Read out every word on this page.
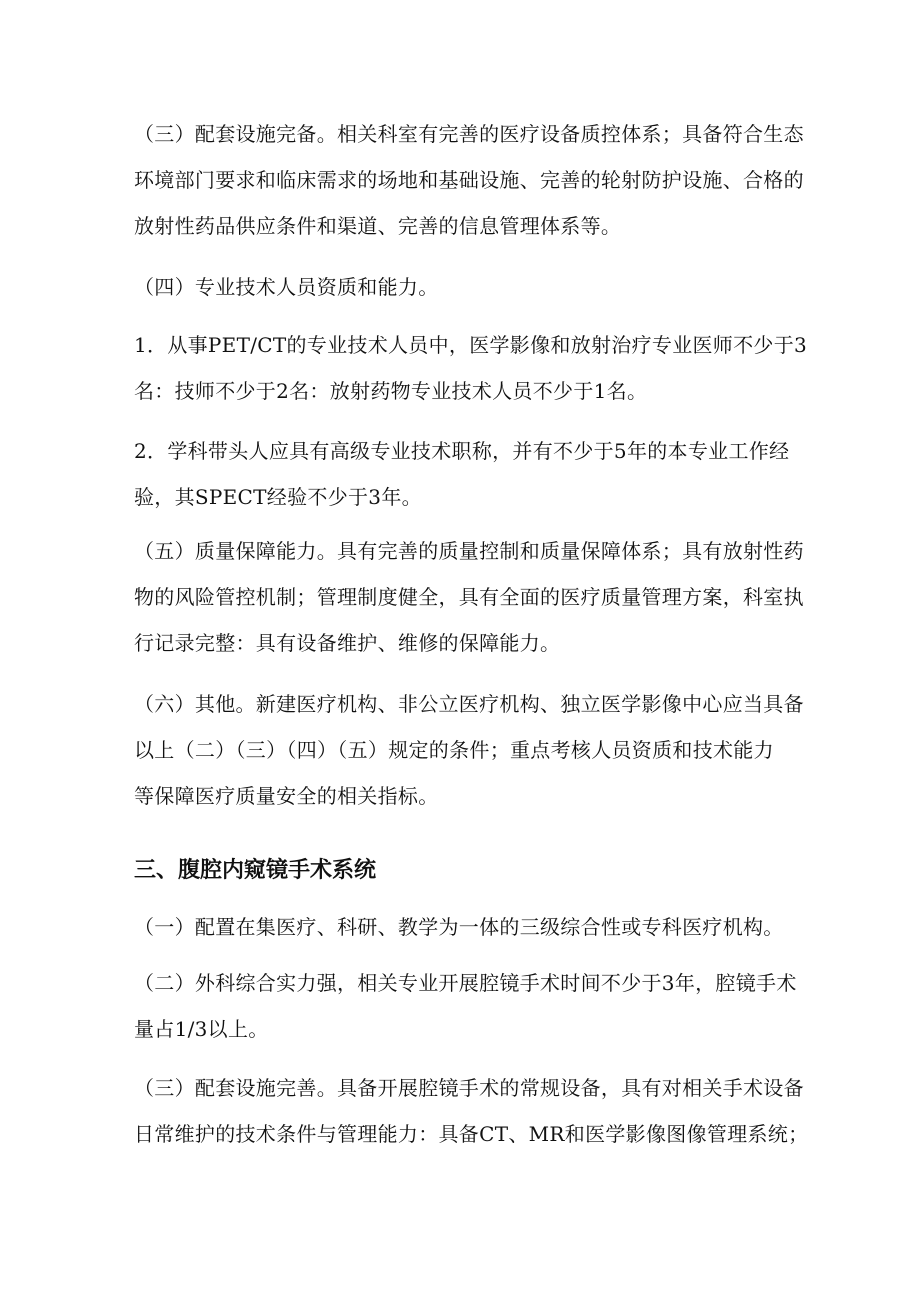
（三）配套设施完备。相关科室有完善的医疗设备质控体系；具备符合生态
环境部门要求和临床需求的场地和基础设施、完善的轮射防护设施、合格的
放射性药品供应条件和渠道、完善的信息管理体系等。

（四）专业技术人员资质和能力。

1．从事PET/CT的专业技术人员中，医学影像和放射治疗专业医师不少于3
名：技师不少于2名：放射药物专业技术人员不少于1名。

2．学科带头人应具有高级专业技术职称，并有不少于5年的本专业工作经
验，其SPECT经验不少于3年。

（五）质量保障能力。具有完善的质量控制和质量保障体系；具有放射性药
物的风险管控机制；管理制度健全，具有全面的医疗质量管理方案，科室执
行记录完整：具有设备维护、维修的保障能力。

（六）其他。新建医疗机构、非公立医疗机构、独立医学影像中心应当具备
以上（二）（三）（四）（五）规定的条件；重点考核人员资质和技术能力
等保障医疗质量安全的相关指标。

三、腹腔内窥镜手术系统

（一）配置在集医疗、科研、教学为一体的三级综合性或专科医疗机构。

（二）外科综合实力强，相关专业开展腔镜手术时间不少于3年，腔镜手术
量占1/3以上。

（三）配套设施完善。具备开展腔镜手术的常规设备，具有对相关手术设备
日常维护的技术条件与管理能力：具备CT、MR和医学影像图像管理系统；
